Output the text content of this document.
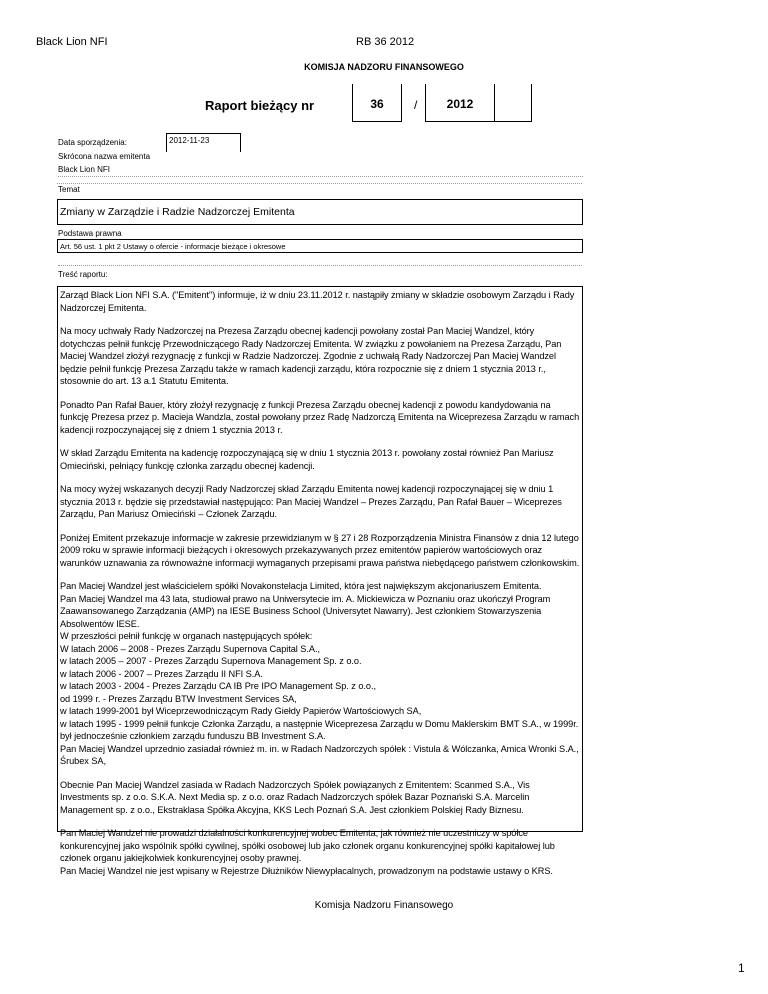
Black Lion NFI	RB 36 2012
KOMISJA NADZORU FINANSOWEGO
Raport bieżący nr	36	/	2012
Data sporządzenia:	2012-11-23
Skrócona nazwa emitenta
Black Lion NFI
Temat
Zmiany w Zarządzie i Radzie Nadzorczej Emitenta
Podstawa prawna
Art. 56 ust. 1 pkt 2 Ustawy o ofercie - informacje bieżące i okresowe
Treść raportu:

Zarząd Black Lion NFI S.A. ("Emitent") informuje, iż w dniu 23.11.2012 r. nastąpiły zmiany w składzie osobowym Zarządu i Rady Nadzorczej Emitenta.

Na mocy uchwały Rady Nadzorczej na Prezesa Zarządu obecnej kadencji powołany został Pan Maciej Wandzel, który dotychczas pełnił funkcję Przewodniczącego Rady Nadzorczej Emitenta. W związku z powołaniem na Prezesa Zarządu, Pan Maciej Wandzel złożył rezygnację z funkcji w Radzie Nadzorczej. Zgodnie z uchwałą Rady Nadzorczej Pan Maciej Wandzel będzie pełnił funkcję Prezesa Zarządu także w ramach kadencji zarządu, która rozpocznie się z dniem 1 stycznia 2013 r., stosownie do art. 13 a.1 Statutu Emitenta.

Ponadto Pan Rafał Bauer, który złożył rezygnację z funkcji Prezesa Zarządu obecnej kadencji z powodu kandydowania na funkcję Prezesa przez p. Macieja Wandzla, został powołany przez Radę Nadzorczą Emitenta na Wiceprezesa Zarządu w ramach kadencji rozpoczynającej się z dniem 1 stycznia 2013 r.

W skład Zarządu Emitenta na kadencję rozpoczynającą się w dniu 1 stycznia 2013 r. powołany został również Pan Mariusz Omieciński, pełniący funkcję członka zarządu obecnej kadencji.

Na mocy wyżej wskazanych decyzji Rady Nadzorczej skład Zarządu Emitenta nowej kadencji rozpoczynającej się w dniu 1 stycznia 2013 r. będzie się przedstawiał następująco: Pan Maciej Wandzel – Prezes Zarządu, Pan Rafał Bauer – Wiceprezes Zarządu, Pan Mariusz Omieciński – Członek Zarządu.

Poniżej Emitent przekazuje informacje w zakresie przewidzianym w § 27 i 28 Rozporządzenia Ministra Finansów z dnia 12 lutego 2009 roku w sprawie informacji bieżących i okresowych przekazywanych przez emitentów papierów wartościowych oraz warunków uznawania za równoważne informacji wymaganych przepisami prawa państwa niebędącego państwem członkowskim.

Pan Maciej Wandzel jest właścicielem spółki Novakonstelacja Limited, która jest największym akcjonariuszem Emitenta.
Pan Maciej Wandzel ma 43 lata, studiował prawo na Uniwersytecie im. A. Mickiewicza w Poznaniu oraz ukończył Program Zaawansowanego Zarządzania (AMP) na IESE Business School (Universytet Nawarry). Jest członkiem Stowarzyszenia Absolwentów IESE.
W przeszłości pełnił funkcję w organach następujących spółek:
W latach 2006 – 2008 - Prezes Zarządu Supernova Capital S.A.,
w latach 2005 – 2007 - Prezes Zarządu Supernova Management Sp. z o.o.
w latach 2006 - 2007 – Prezes Zarządu II NFI S.A.
w latach 2003 - 2004 - Prezes Zarządu CA IB Pre IPO Management Sp. z o.o.,
od 1999 r. - Prezes Zarządu BTW Investment Services SA,
w latach 1999-2001 był Wiceprzewodniczącym Rady Giełdy Papierów Wartościowych SA,
w latach 1995 - 1999 pełnił funkcje Członka Zarządu, a następnie Wiceprezesa Zarządu w Domu Maklerskim BMT S.A., w 1999r. był jednocześnie członkiem zarządu funduszu BB Investment S.A.
Pan Maciej Wandzel uprzednio zasiadał również m. in. w Radach Nadzorczych spółek : Vistula & Wólczanka, Amica Wronki S.A., Śrubex SA,

Obecnie Pan Maciej Wandzel zasiada w Radach Nadzorczych Spółek powiązanych z Emitentem: Scanmed S.A., Vis Investments sp. z o.o. S.K.A. Next Media sp. z o.o. oraz Radach Nadzorczych spółek Bazar Poznański S.A. Marcelin Management sp. z o.o., Ekstraklasa Spółka Akcyjna, KKS Lech Poznań S.A. Jest członkiem Polskiej Rady Biznesu.

Pan Maciej Wandzel nie prowadzi działalności konkurencyjnej wobec Emitenta, jak również nie uczestniczy w spółce konkurencyjnej jako wspólnik spółki cywilnej, spółki osobowej lub jako członek organu konkurencyjnej spółki kapitałowej lub członek organu jakiejkolwiek konkurencyjnej osoby prawnej.
Pan Maciej Wandzel nie jest wpisany w Rejestrze Dłużników Niewypłacalnych, prowadzonym na podstawie ustawy o KRS.

Komisja Nadzoru Finansowego
1
